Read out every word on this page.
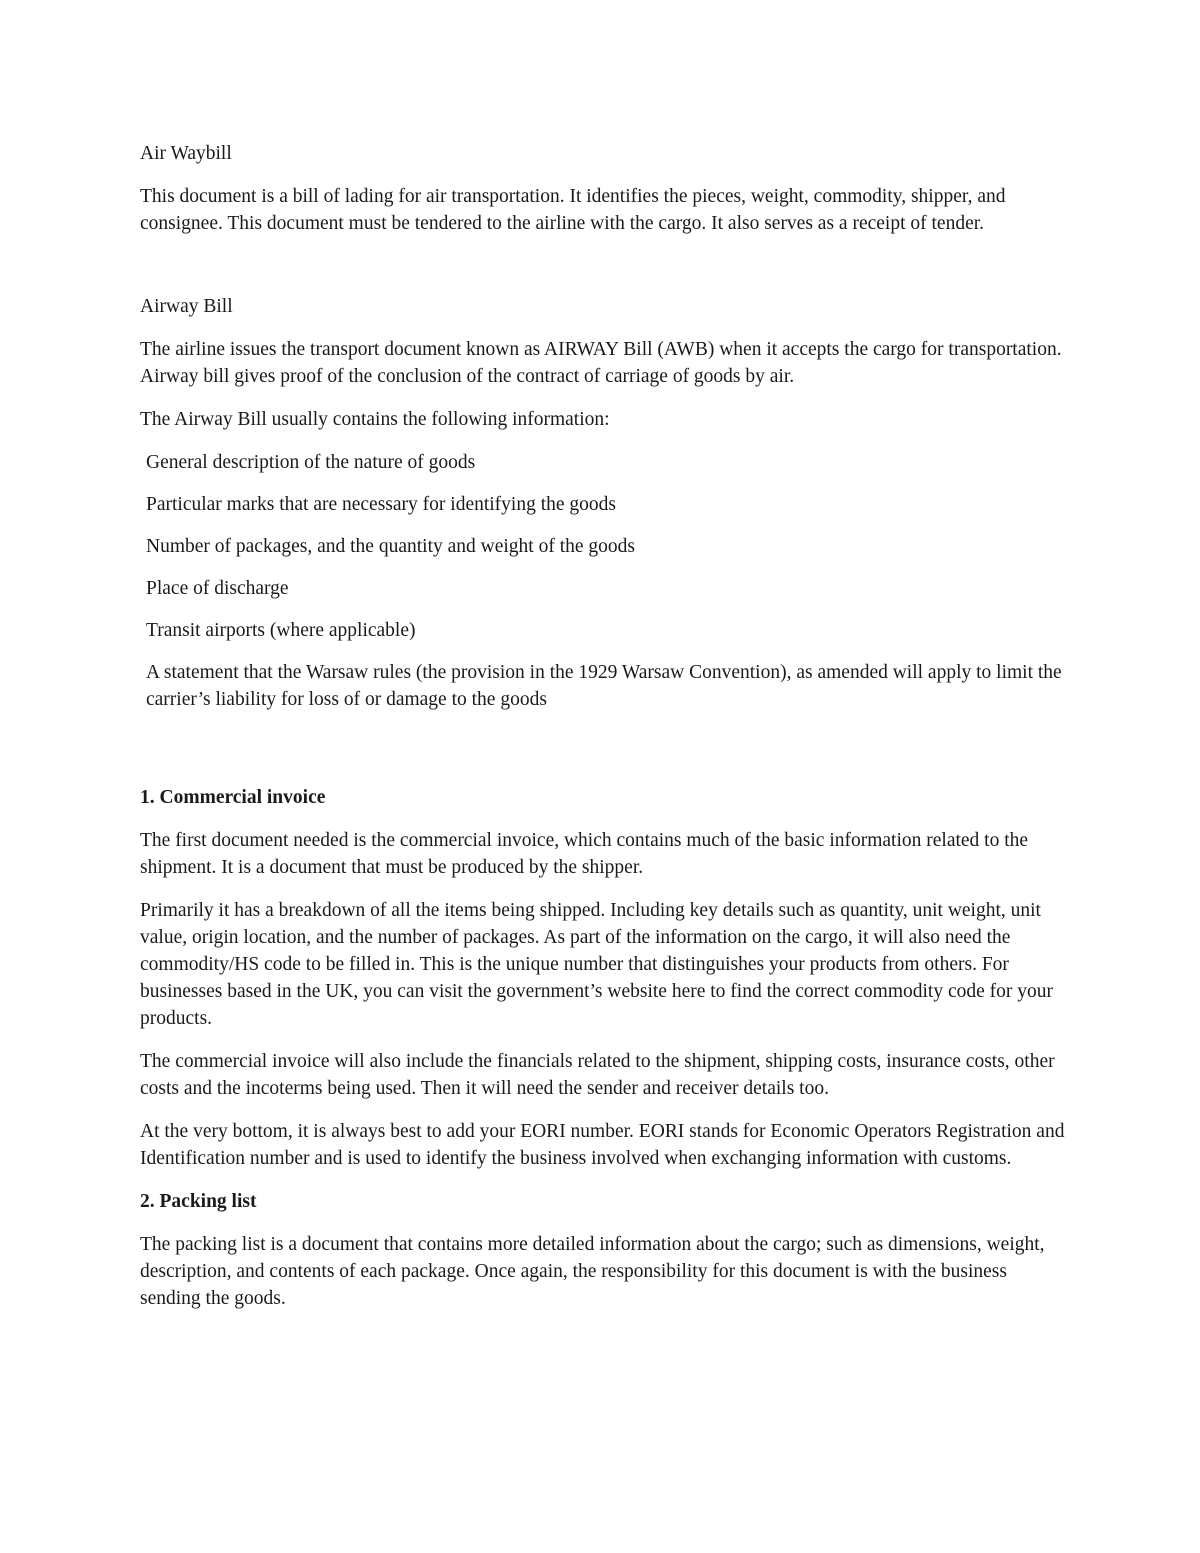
Air Waybill

This document is a bill of lading for air transportation. It identifies the pieces, weight, commodity, shipper, and consignee. This document must be tendered to the airline with the cargo. It also serves as a receipt of tender.

Airway Bill

The airline issues the transport document known as AIRWAY Bill (AWB) when it accepts the cargo for transportation. Airway bill gives proof of the conclusion of the contract of carriage of goods by air.

The Airway Bill usually contains the following information:

General description of the nature of goods

Particular marks that are necessary for identifying the goods

Number of packages, and the quantity and weight of the goods

Place of discharge

Transit airports (where applicable)

A statement that the Warsaw rules (the provision in the 1929 Warsaw Convention), as amended will apply to limit the carrier’s liability for loss of or damage to the goods

1. Commercial invoice

The first document needed is the commercial invoice, which contains much of the basic information related to the shipment. It is a document that must be produced by the shipper.

Primarily it has a breakdown of all the items being shipped. Including key details such as quantity, unit weight, unit value, origin location, and the number of packages. As part of the information on the cargo, it will also need the commodity/HS code to be filled in. This is the unique number that distinguishes your products from others. For businesses based in the UK, you can visit the government’s website here to find the correct commodity code for your products.

The commercial invoice will also include the financials related to the shipment, shipping costs, insurance costs, other costs and the incoterms being used. Then it will need the sender and receiver details too.

At the very bottom, it is always best to add your EORI number. EORI stands for Economic Operators Registration and Identification number and is used to identify the business involved when exchanging information with customs.

2. Packing list

The packing list is a document that contains more detailed information about the cargo; such as dimensions, weight, description, and contents of each package. Once again, the responsibility for this document is with the business sending the goods.
